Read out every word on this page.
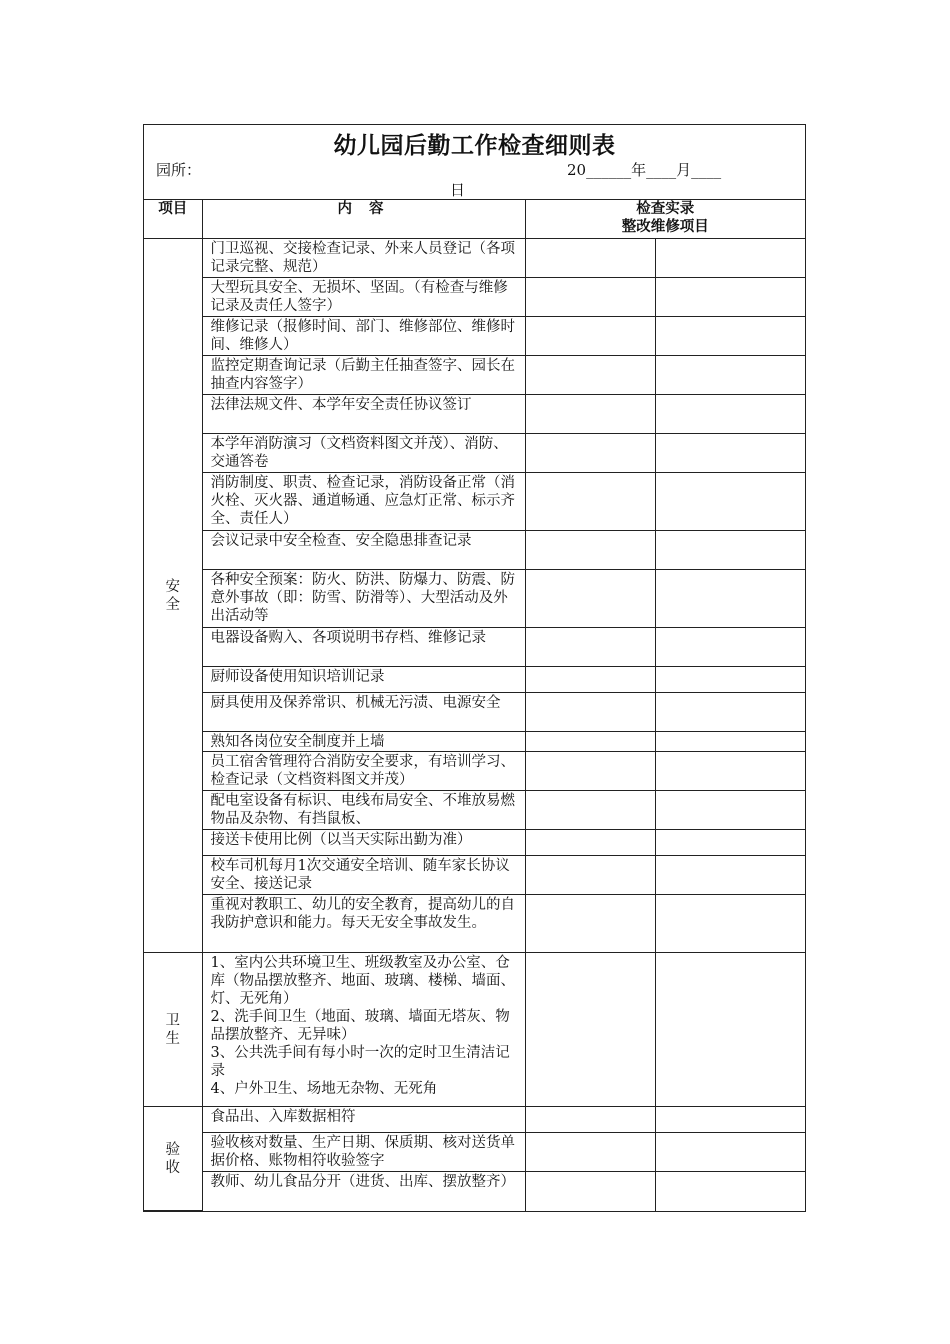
幼儿园后勤工作检查细则表
园所：	20______年____月____
日
项目	内 容	检查实录
整改维修项目	

安全	门卫巡视、交接检查记录、外来人员登记（各项记录完整、规范）		

	大型玩具安全、无损坏、坚固。（有检查与维修记录及责任人签字）		

	维修记录（报修时间、部门、维修部位、维修时间、维修人）		

	监控定期查询记录（后勤主任抽查签字、园长在抽查内容签字）		

	法律法规文件、本学年安全责任协议签订		

	本学年消防演习（文档资料图文并茂）、消防、交通答卷		

	消防制度、职责、检查记录，消防设备正常（消火栓、灭火器、通道畅通、应急灯正常、标示齐全、责任人）		

	会议记录中安全检查、安全隐患排查记录		

	各种安全预案：防火、防洪、防爆力、防震、防意外事故（即：防雪、防滑等）、大型活动及外出活动等		

	电器设备购入、各项说明书存档、维修记录		

	厨师设备使用知识培训记录		

	厨具使用及保养常识、机械无污渍、电源安全		

	熟知各岗位安全制度并上墙		

	员工宿舍管理符合消防安全要求，有培训学习、检查记录（文档资料图文并茂）		

	配电室设备有标识、电线布局安全、不堆放易燃物品及杂物、有挡鼠板、		

	接送卡使用比例（以当天实际出勤为准）		

	校车司机每月1次交通安全培训、随车家长协议安全、接送记录		

	重视对教职工、幼儿的安全教育，提高幼儿的自我防护意识和能力。每天无安全事故发生。		

卫生	1、室内公共环境卫生、班级教室及办公室、仓库（物品摆放整齐、地面、玻璃、楼梯、墙面、灯、无死角）
2、洗手间卫生（地面、玻璃、墙面无塔灰、物品摆放整齐、无异味）
3、公共洗手间有每小时一次的定时卫生清洁记录
4、户外卫生、场地无杂物、无死角		

验收	食品出、入库数据相符		

	验收核对数量、生产日期、保质期、核对送货单据价格、账物相符收验签字		

	教师、幼儿食品分开（进货、出库、摆放整齐）		
